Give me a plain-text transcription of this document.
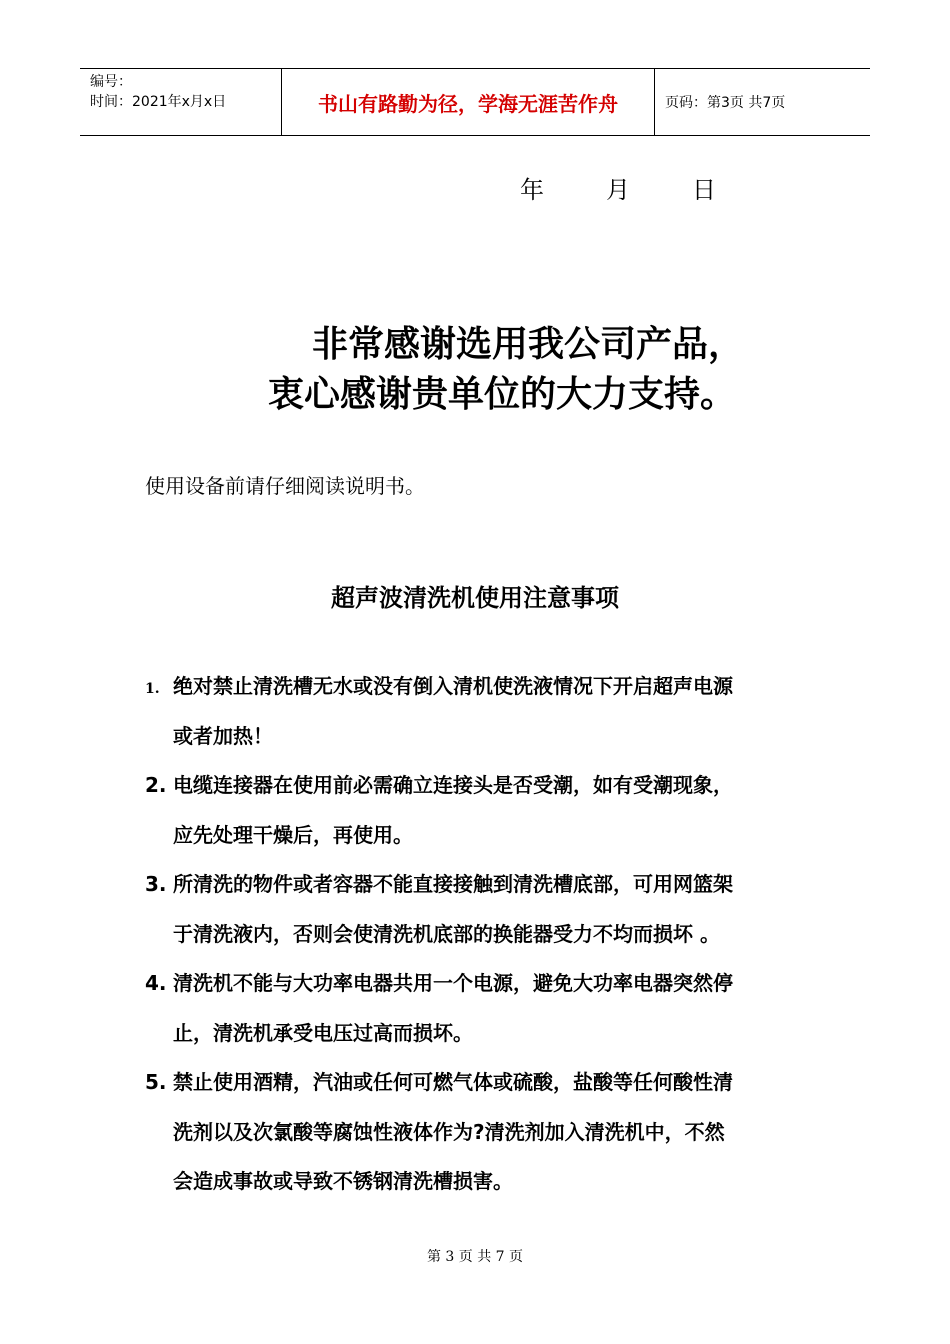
编号：
时间：2021年x月x日	书山有路勤为径，学海无涯苦作舟	页码：第3页 共7页
年	月	日
非常感谢选用我公司产品，
衷心感谢贵单位的大力支持。
使用设备前请仔细阅读说明书。
超声波清洗机使用注意事项
1. 绝对禁止清洗槽无水或没有倒入清机使洗液情况下开启超声电源
或者加热！
2. 电缆连接器在使用前必需确立连接头是否受潮，如有受潮现象，
应先处理干燥后，再使用。
3. 所清洗的物件或者容器不能直接接触到清洗槽底部，可用网篮架
于清洗液内，否则会使清洗机底部的换能器受力不均而损坏 。
4. 清洗机不能与大功率电器共用一个电源，避免大功率电器突然停
止，清洗机承受电压过高而损坏。
5. 禁止使用酒精，汽油或任何可燃气体或硫酸，盐酸等任何酸性清
洗剂以及次氯酸等腐蚀性液体作为?清洗剂加入清洗机中，不然
会造成事故或导致不锈钢清洗槽损害。
第 3 页 共 7 页
